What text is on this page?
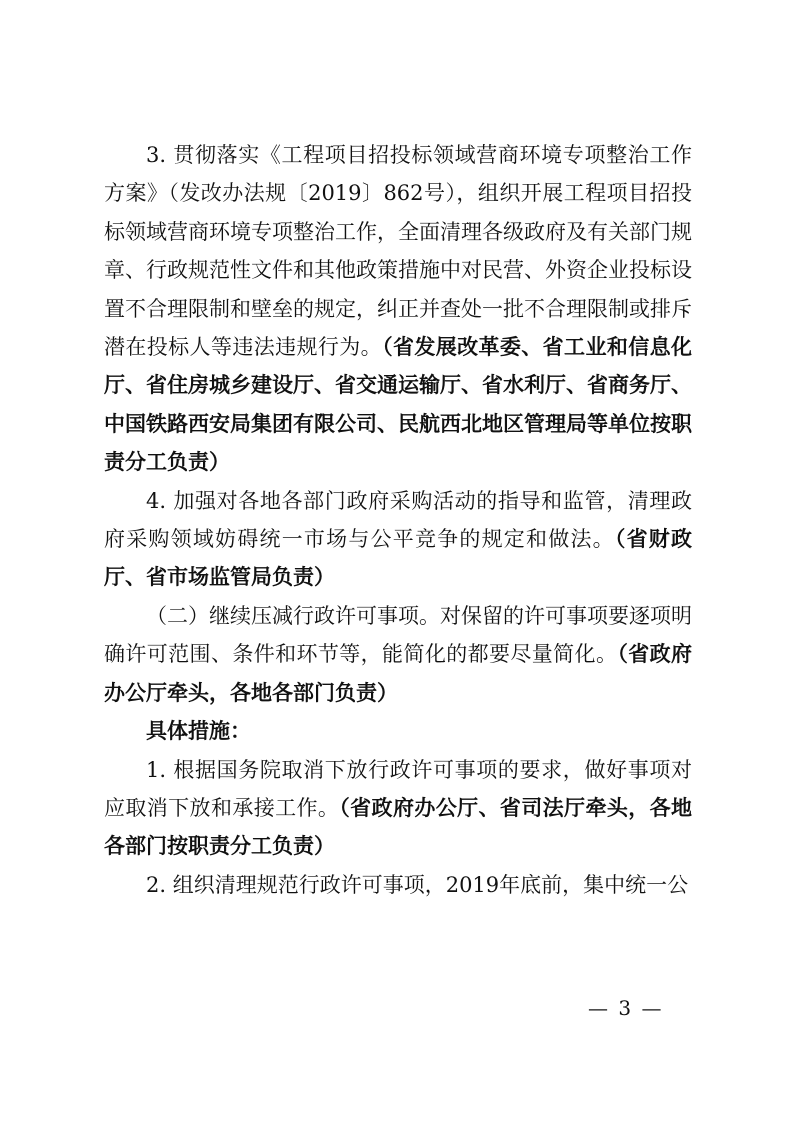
3. 贯彻落实《工程项目招投标领域营商环境专项整治工作方案》（发改办法规〔2019〕862号），组织开展工程项目招投标领域营商环境专项整治工作，全面清理各级政府及有关部门规章、行政规范性文件和其他政策措施中对民营、外资企业投标设置不合理限制和壁垒的规定，纠正并查处一批不合理限制或排斥潜在投标人等违法违规行为。（省发展改革委、省工业和信息化厅、省住房城乡建设厅、省交通运输厅、省水利厅、省商务厅、中国铁路西安局集团有限公司、民航西北地区管理局等单位按职责分工负责）

4. 加强对各地各部门政府采购活动的指导和监管，清理政府采购领域妨碍统一市场与公平竞争的规定和做法。（省财政厅、省市场监管局负责）

（二）继续压减行政许可事项。对保留的许可事项要逐项明确许可范围、条件和环节等，能简化的都要尽量简化。（省政府办公厅牵头，各地各部门负责）

具体措施：

1. 根据国务院取消下放行政许可事项的要求，做好事项对应取消下放和承接工作。（省政府办公厅、省司法厅牵头，各地各部门按职责分工负责）

2. 组织清理规范行政许可事项，2019年底前，集中统一公

— 3 —
